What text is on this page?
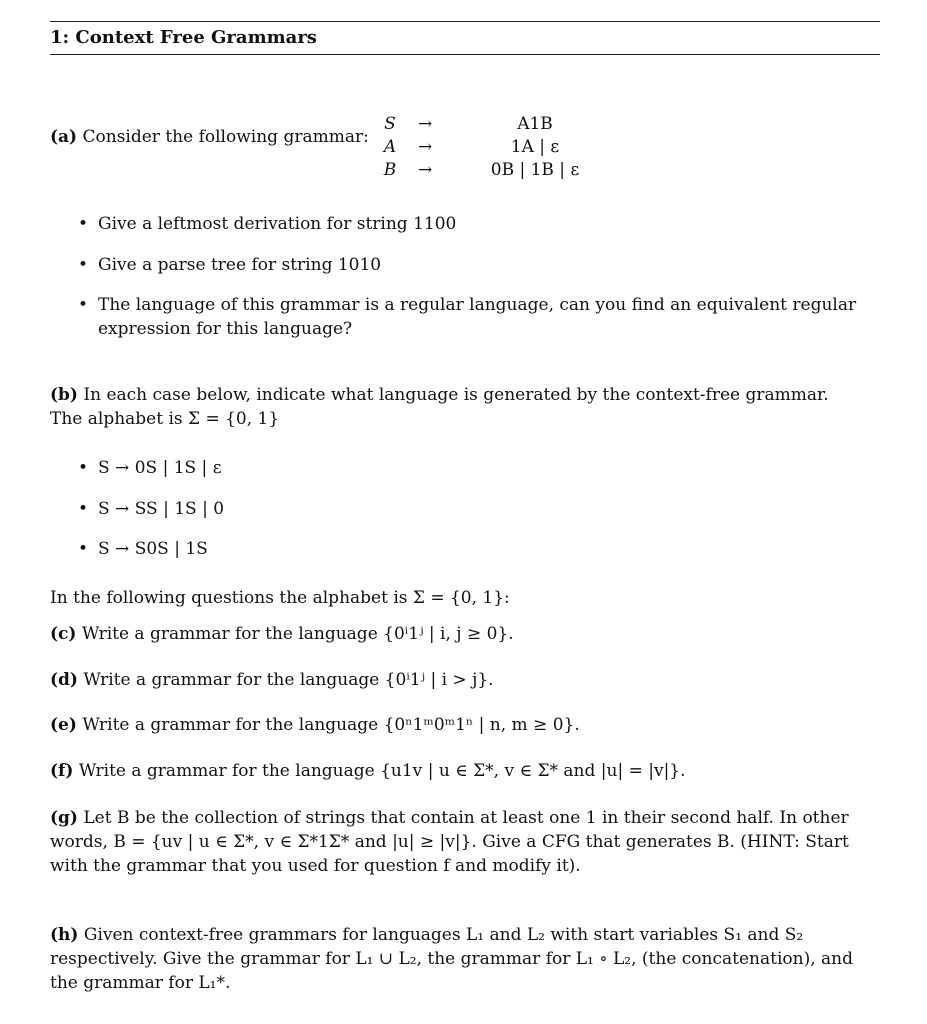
1: Context Free Grammars
(a) Consider the following grammar:
S →	A1B
A →	1A | ε
B →	0B | 1B | ε
• Give a leftmost derivation for string 1100
• Give a parse tree for string 1010
• The language of this grammar is a regular language, can you find an equivalent regular expression for this language?
(b) In each case below, indicate what language is generated by the context-free grammar. The alphabet is Σ = {0, 1}
• S → 0S | 1S | ε
• S → SS | 1S | 0
• S → S0S | 1S
In the following questions the alphabet is Σ = {0, 1}:
(c) Write a grammar for the language {0ⁱ1ʲ | i, j ≥ 0}.
(d) Write a grammar for the language {0ⁱ1ʲ | i > j}.
(e) Write a grammar for the language {0ⁿ1ᵐ0ᵐ1ⁿ | n, m ≥ 0}.
(f) Write a grammar for the language {u1v | u ∈ Σ*, v ∈ Σ* and |u| = |v|}.
(g) Let B be the collection of strings that contain at least one 1 in their second half. In other words, B = {uv | u ∈ Σ*, v ∈ Σ*1Σ* and |u| ≥ |v|}. Give a CFG that generates B. (HINT: Start with the grammar that you used for question f and modify it).
(h) Given context-free grammars for languages L₁ and L₂ with start variables S₁ and S₂ respectively. Give the grammar for L₁ ∪ L₂, the grammar for L₁ ∘ L₂, (the concatenation), and the grammar for L₁*.
